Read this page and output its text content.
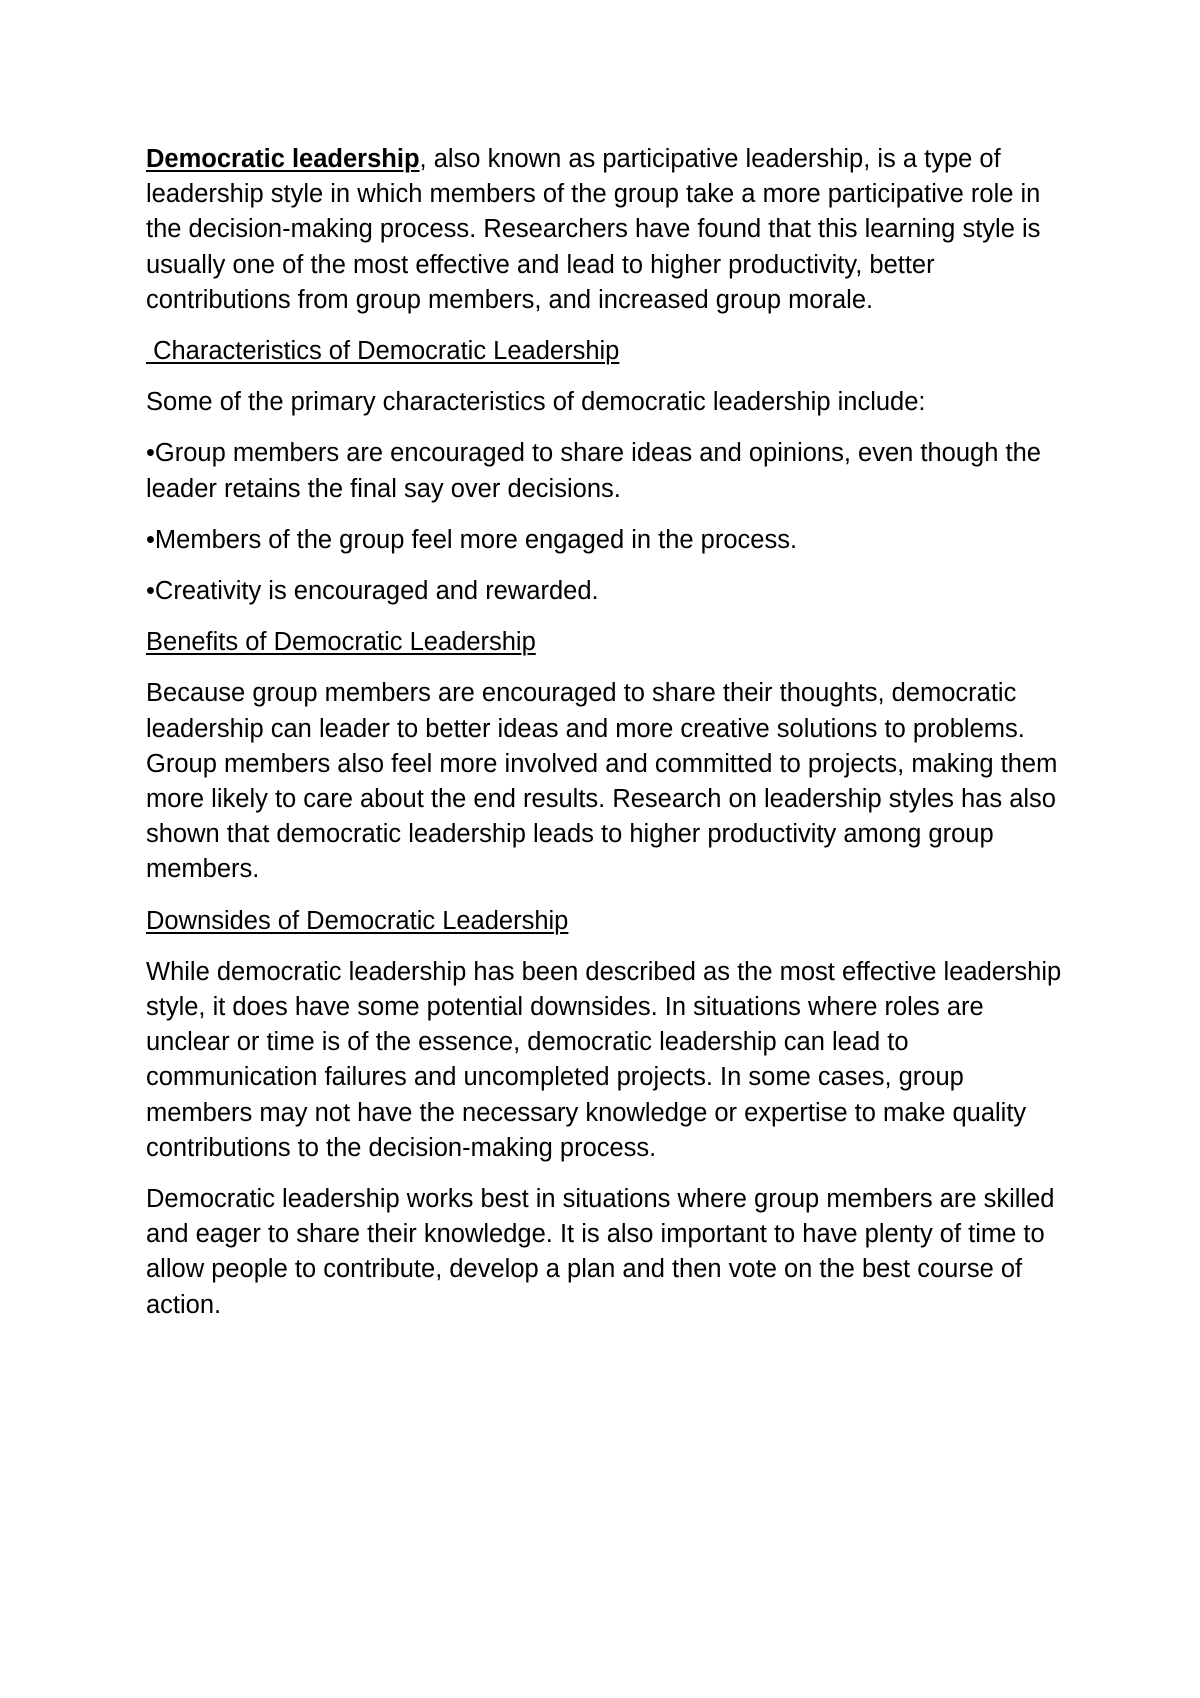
Democratic leadership, also known as participative leadership, is a type of leadership style in which members of the group take a more participative role in the decision-making process. Researchers have found that this learning style is usually one of the most effective and lead to higher productivity, better contributions from group members, and increased group morale.

Characteristics of Democratic Leadership

Some of the primary characteristics of democratic leadership include:

•Group members are encouraged to share ideas and opinions, even though the leader retains the final say over decisions.

•Members of the group feel more engaged in the process.

•Creativity is encouraged and rewarded.

Benefits of Democratic Leadership

Because group members are encouraged to share their thoughts, democratic leadership can leader to better ideas and more creative solutions to problems. Group members also feel more involved and committed to projects, making them more likely to care about the end results. Research on leadership styles has also shown that democratic leadership leads to higher productivity among group members.

Downsides of Democratic Leadership

While democratic leadership has been described as the most effective leadership style, it does have some potential downsides. In situations where roles are unclear or time is of the essence, democratic leadership can lead to communication failures and uncompleted projects. In some cases, group members may not have the necessary knowledge or expertise to make quality contributions to the decision-making process.

Democratic leadership works best in situations where group members are skilled and eager to share their knowledge. It is also important to have plenty of time to allow people to contribute, develop a plan and then vote on the best course of action.
